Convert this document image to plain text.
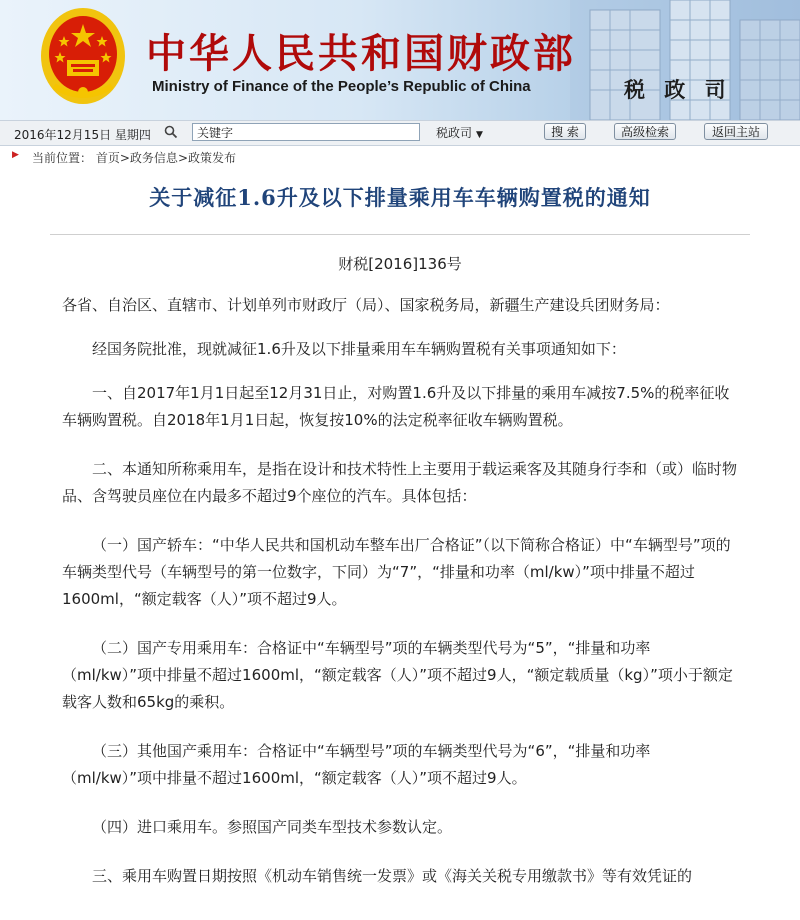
中华人民共和国财政部
Ministry of Finance of the People’s Republic of China	税 政 司
2016年12月15日 星期四
关键字	税政司 ▼	搜 索	高级检索	返回主站
▶ 当前位置： 首页>政务信息>政策发布
关于减征1.6升及以下排量乘用车车辆购置税的通知
财税[2016]136号

各省、自治区、直辖市、计划单列市财政厅（局）、国家税务局，新疆生产建设兵团财务局：

经国务院批准，现就减征1.6升及以下排量乘用车车辆购置税有关事项通知如下：

一、自2017年1月1日起至12月31日止，对购置1.6升及以下排量的乘用车减按7.5%的税率征收车辆购置税。自2018年1月1日起，恢复按10%的法定税率征收车辆购置税。

二、本通知所称乘用车，是指在设计和技术特性上主要用于载运乘客及其随身行李和（或）临时物品、含驾驶员座位在内最多不超过9个座位的汽车。具体包括：

（一）国产轿车：“中华人民共和国机动车整车出厂合格证”（以下简称合格证）中“车辆型号”项的车辆类型代号（车辆型号的第一位数字，下同）为“7”，“排量和功率（ml/kw）”项中排量不超过1600ml，“额定载客（人）”项不超过9人。

（二）国产专用乘用车：合格证中“车辆型号”项的车辆类型代号为“5”，“排量和功率（ml/kw）”项中排量不超过1600ml，“额定载客（人）”项不超过9人，“额定载质量（kg）”项小于额定载客人数和65kg的乘积。

（三）其他国产乘用车：合格证中“车辆型号”项的车辆类型代号为“6”，“排量和功率（ml/kw）”项中排量不超过1600ml，“额定载客（人）”项不超过9人。

（四）进口乘用车。参照国产同类车型技术参数认定。

三、乘用车购置日期按照《机动车销售统一发票》或《海关关税专用缴款书》等有效凭证的
